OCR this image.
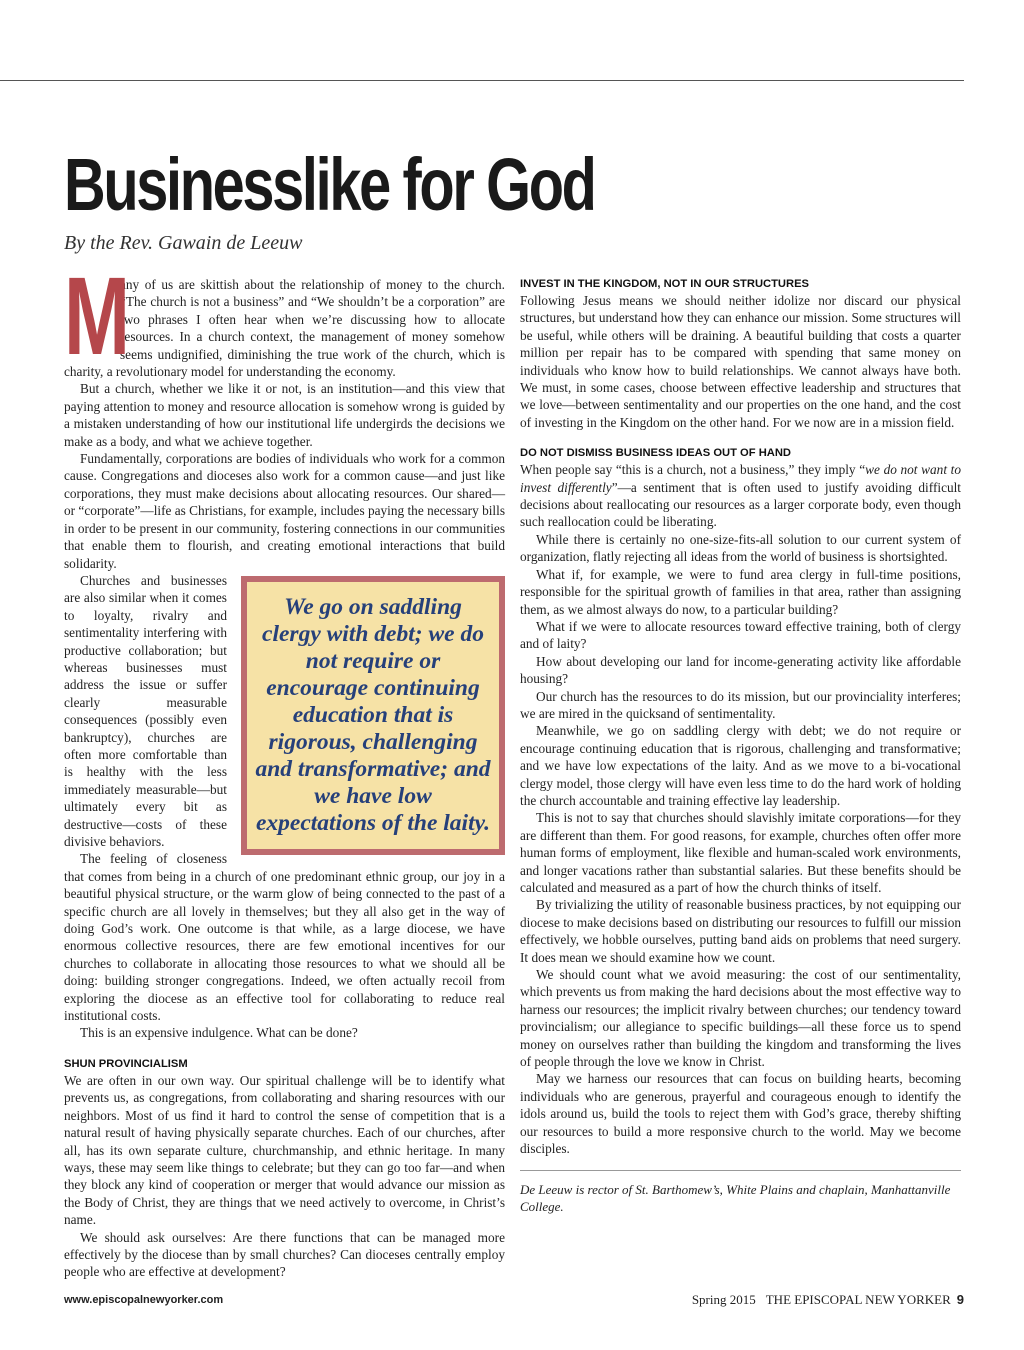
Businesslike for God
By the Rev. Gawain de Leeuw

M
any of us are skittish about the relationship of money to the church. “The church is not a business” and “We shouldn’t be a corporation” are two phrases I often hear when we’re discussing how to allocate resources. In a church context, the management of money somehow seems undignified, diminishing the true work of the church, which is charity, a revolutionary model for understanding the economy.

But a church, whether we like it or not, is an institution—and this view that paying attention to money and resource allocation is somehow wrong is guided by a mistaken understanding of how our institutional life undergirds the decisions we make as a body, and what we achieve together.

Fundamentally, corporations are bodies of individuals who work for a common cause. Congregations and dioceses also work for a common cause—and just like corporations, they must make decisions about allocating resources. Our shared—or “corporate”—life as Christians, for example, includes paying the necessary bills in order to be present in our community, fostering connections in our communities that enable them to flourish, and creating emotional interactions that build solidarity.

We go on saddling clergy with debt; we do not require or encourage continuing education that is rigorous, challenging and transformative; and we have low expectations of the laity.

Churches and businesses are also similar when it comes to loyalty, rivalry and sentimentality interfering with productive collaboration; but whereas businesses must address the issue or suffer clearly measurable consequences (possibly even bankruptcy), churches are often more comfortable than is healthy with the less immediately measurable—but ultimately every bit as destructive—costs of these divisive behaviors.

The feeling of closeness that comes from being in a church of one predominant ethnic group, our joy in a beautiful physical structure, or the warm glow of being connected to the past of a specific church are all lovely in themselves; but they all also get in the way of doing God’s work. One outcome is that while, as a large diocese, we have enormous collective resources, there are few emotional incentives for our churches to collaborate in allocating those resources to what we should all be doing: building stronger congregations. Indeed, we often actually recoil from exploring the diocese as an effective tool for collaborating to reduce real institutional costs.

This is an expensive indulgence. What can be done?

SHUN PROVINCIALISM

We are often in our own way. Our spiritual challenge will be to identify what prevents us, as congregations, from collaborating and sharing resources with our neighbors. Most of us find it hard to control the sense of competition that is a natural result of having physically separate churches. Each of our churches, after all, has its own separate culture, churchmanship, and ethnic heritage. In many ways, these may seem like things to celebrate; but they can go too far—and when they block any kind of cooperation or merger that would advance our mission as the Body of Christ, they are things that we need actively to overcome, in Christ’s name.

We should ask ourselves: Are there functions that can be managed more effectively by the diocese than by small churches? Can dioceses centrally employ people who are effective at development?

INVEST IN THE KINGDOM, NOT IN OUR STRUCTURES

Following Jesus means we should neither idolize nor discard our physical structures, but understand how they can enhance our mission. Some structures will be useful, while others will be draining. A beautiful building that costs a quarter million per repair has to be compared with spending that same money on individuals who know how to build relationships. We cannot always have both. We must, in some cases, choose between effective leadership and structures that we love—between sentimentality and our properties on the one hand, and the cost of investing in the Kingdom on the other hand. For we now are in a mission field.

DO NOT DISMISS BUSINESS IDEAS OUT OF HAND

When people say “this is a church, not a business,” they imply “we do not want to invest differently”—a sentiment that is often used to justify avoiding difficult decisions about reallocating our resources as a larger corporate body, even though such reallocation could be liberating.

While there is certainly no one-size-fits-all solution to our current system of organization, flatly rejecting all ideas from the world of business is shortsighted.

What if, for example, we were to fund area clergy in full-time positions, responsible for the spiritual growth of families in that area, rather than assigning them, as we almost always do now, to a particular building?

What if we were to allocate resources toward effective training, both of clergy and of laity?

How about developing our land for income-generating activity like affordable housing?

Our church has the resources to do its mission, but our provinciality interferes; we are mired in the quicksand of sentimentality.

Meanwhile, we go on saddling clergy with debt; we do not require or encourage continuing education that is rigorous, challenging and transformative; and we have low expectations of the laity. And as we move to a bi-vocational clergy model, those clergy will have even less time to do the hard work of holding the church accountable and training effective lay leadership.

This is not to say that churches should slavishly imitate corporations—for they are different than them. For good reasons, for example, churches often offer more human forms of employment, like flexible and human-scaled work environments, and longer vacations rather than substantial salaries. But these benefits should be calculated and measured as a part of how the church thinks of itself.

By trivializing the utility of reasonable business practices, by not equipping our diocese to make decisions based on distributing our resources to fulfill our mission effectively, we hobble ourselves, putting band aids on problems that need surgery. It does mean we should examine how we count.

We should count what we avoid measuring: the cost of our sentimentality, which prevents us from making the hard decisions about the most effective way to harness our resources; the implicit rivalry between churches; our tendency toward provincialism; our allegiance to specific buildings—all these force us to spend money on ourselves rather than building the kingdom and transforming the lives of people through the love we know in Christ.

May we harness our resources that can focus on building hearts, becoming individuals who are generous, prayerful and courageous enough to identify the idols around us, build the tools to reject them with God’s grace, thereby shifting our resources to build a more responsive church to the world. May we become disciples.

De Leeuw is rector of St. Barthomew’s, White Plains and chaplain, Manhattanville College.
www.episcopalnewyorker.com	Spring 2015 THE EPISCOPAL NEW YORKER 9
